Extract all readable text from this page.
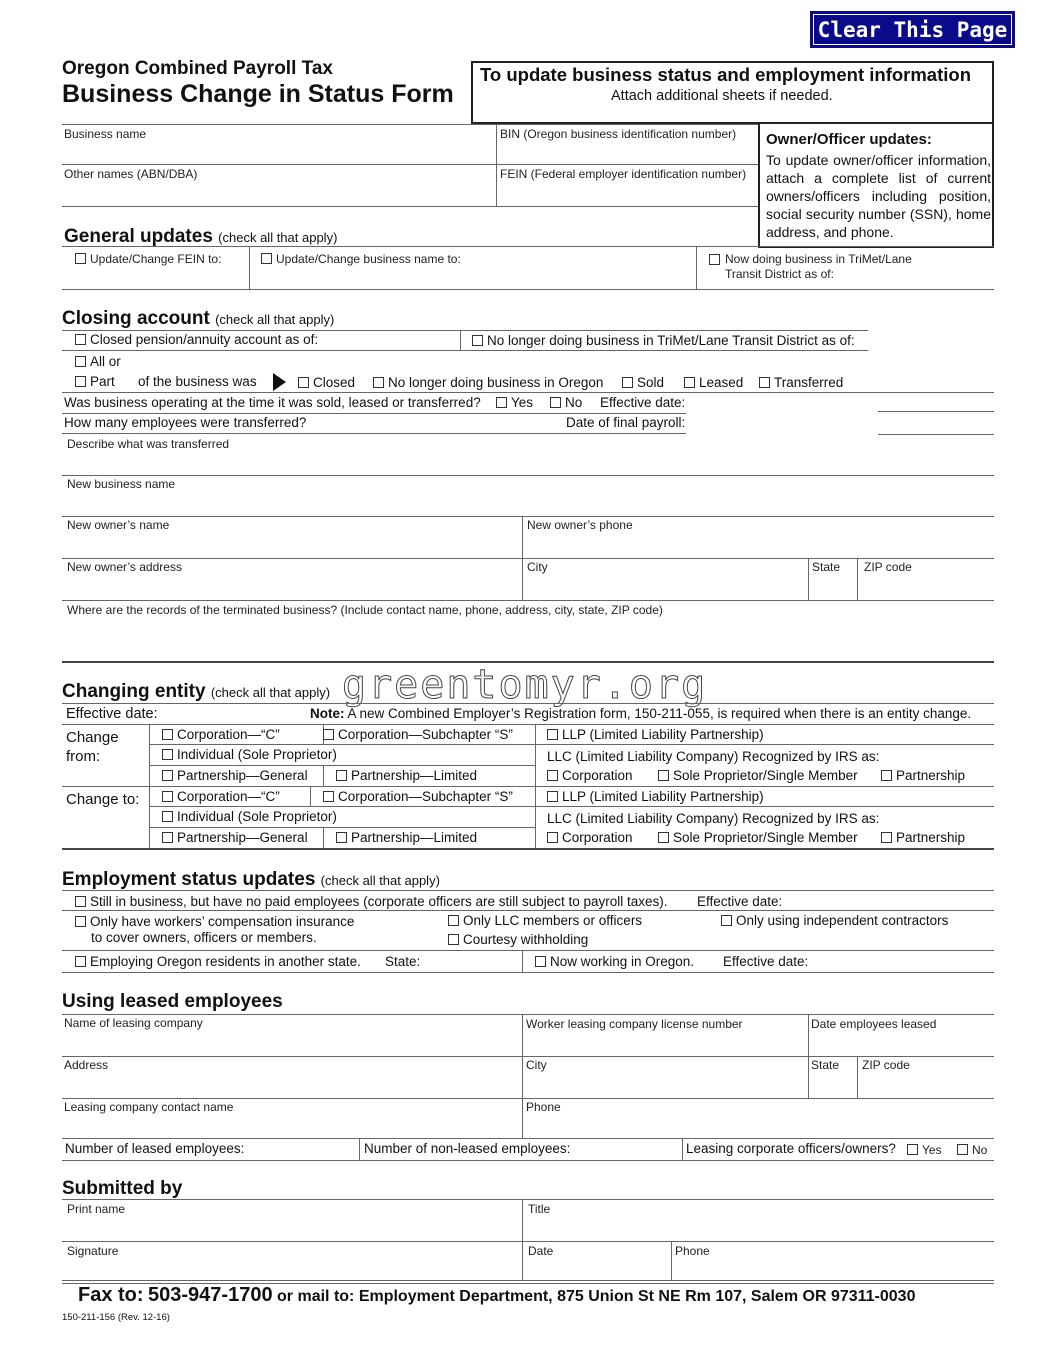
Clear This Page
Oregon Combined Payroll Tax
Business Change in Status Form
To update business status and employment information
Attach additional sheets if needed.
Owner/Officer updates:
To update owner/officer information, attach a complete list of current owners/officers including position, social security number (SSN), home address, and phone.
Business name	BIN (Oregon business identification number)
Other names (ABN/DBA)	FEIN (Federal employer identification number)
General updates (check all that apply)
Update/Change FEIN to:	Update/Change business name to:	Now doing business in TriMet/Lane Transit District as of:
Closing account (check all that apply)
Closed pension/annuity account as of:	No longer doing business in TriMet/Lane Transit District as of:
All or
Part of the business was	Closed	No longer doing business in Oregon	Sold	Leased	Transferred
Was business operating at the time it was sold, leased or transferred?	Yes	No Effective date:
How many employees were transferred?	Date of final payroll:
Describe what was transferred
New business name
New owner’s name	New owner’s phone
New owner’s address	City	State ZIP code
Where are the records of the terminated business? (Include contact name, phone, address, city, state, ZIP code)
greentomyr.org
Changing entity (check all that apply)
Effective date:	Note: A new Combined Employer’s Registration form, 150-211-055, is required when there is an entity change.
Change from:
Corporation—“C”	Corporation—Subchapter “S”	LLP (Limited Liability Partnership)
Individual (Sole Proprietor)	LLC (Limited Liability Company) Recognized by IRS as:
Partnership—General	Partnership—Limited	Corporation	Sole Proprietor/Single Member	Partnership
Change to:	Corporation—“C”	Corporation—Subchapter “S”	LLP (Limited Liability Partnership)
Individual (Sole Proprietor)	LLC (Limited Liability Company) Recognized by IRS as:
Partnership—General	Partnership—Limited	Corporation	Sole Proprietor/Single Member	Partnership
Employment status updates (check all that apply)
Still in business, but have no paid employees (corporate officers are still subject to payroll taxes). Effective date:
Only have workers’ compensation insurance
to cover owners, officers or members.
Only LLC members or officers
Courtesy withholding
Only using independent contractors
Employing Oregon residents in another state. State:	Now working in Oregon. Effective date:
Using leased employees
Name of leasing company	Worker leasing company license number	Date employees leased
Address	City	State ZIP code
Leasing company contact name	Phone
Number of leased employees:	Number of non-leased employees:	Leasing corporate officers/owners?	Yes	No
Submitted by
Print name	Title
Signature	Date	Phone
Fax to: 503-947-1700 or mail to: Employment Department, 875 Union St NE Rm 107, Salem OR 97311-0030
150-211-156 (Rev. 12-16)
